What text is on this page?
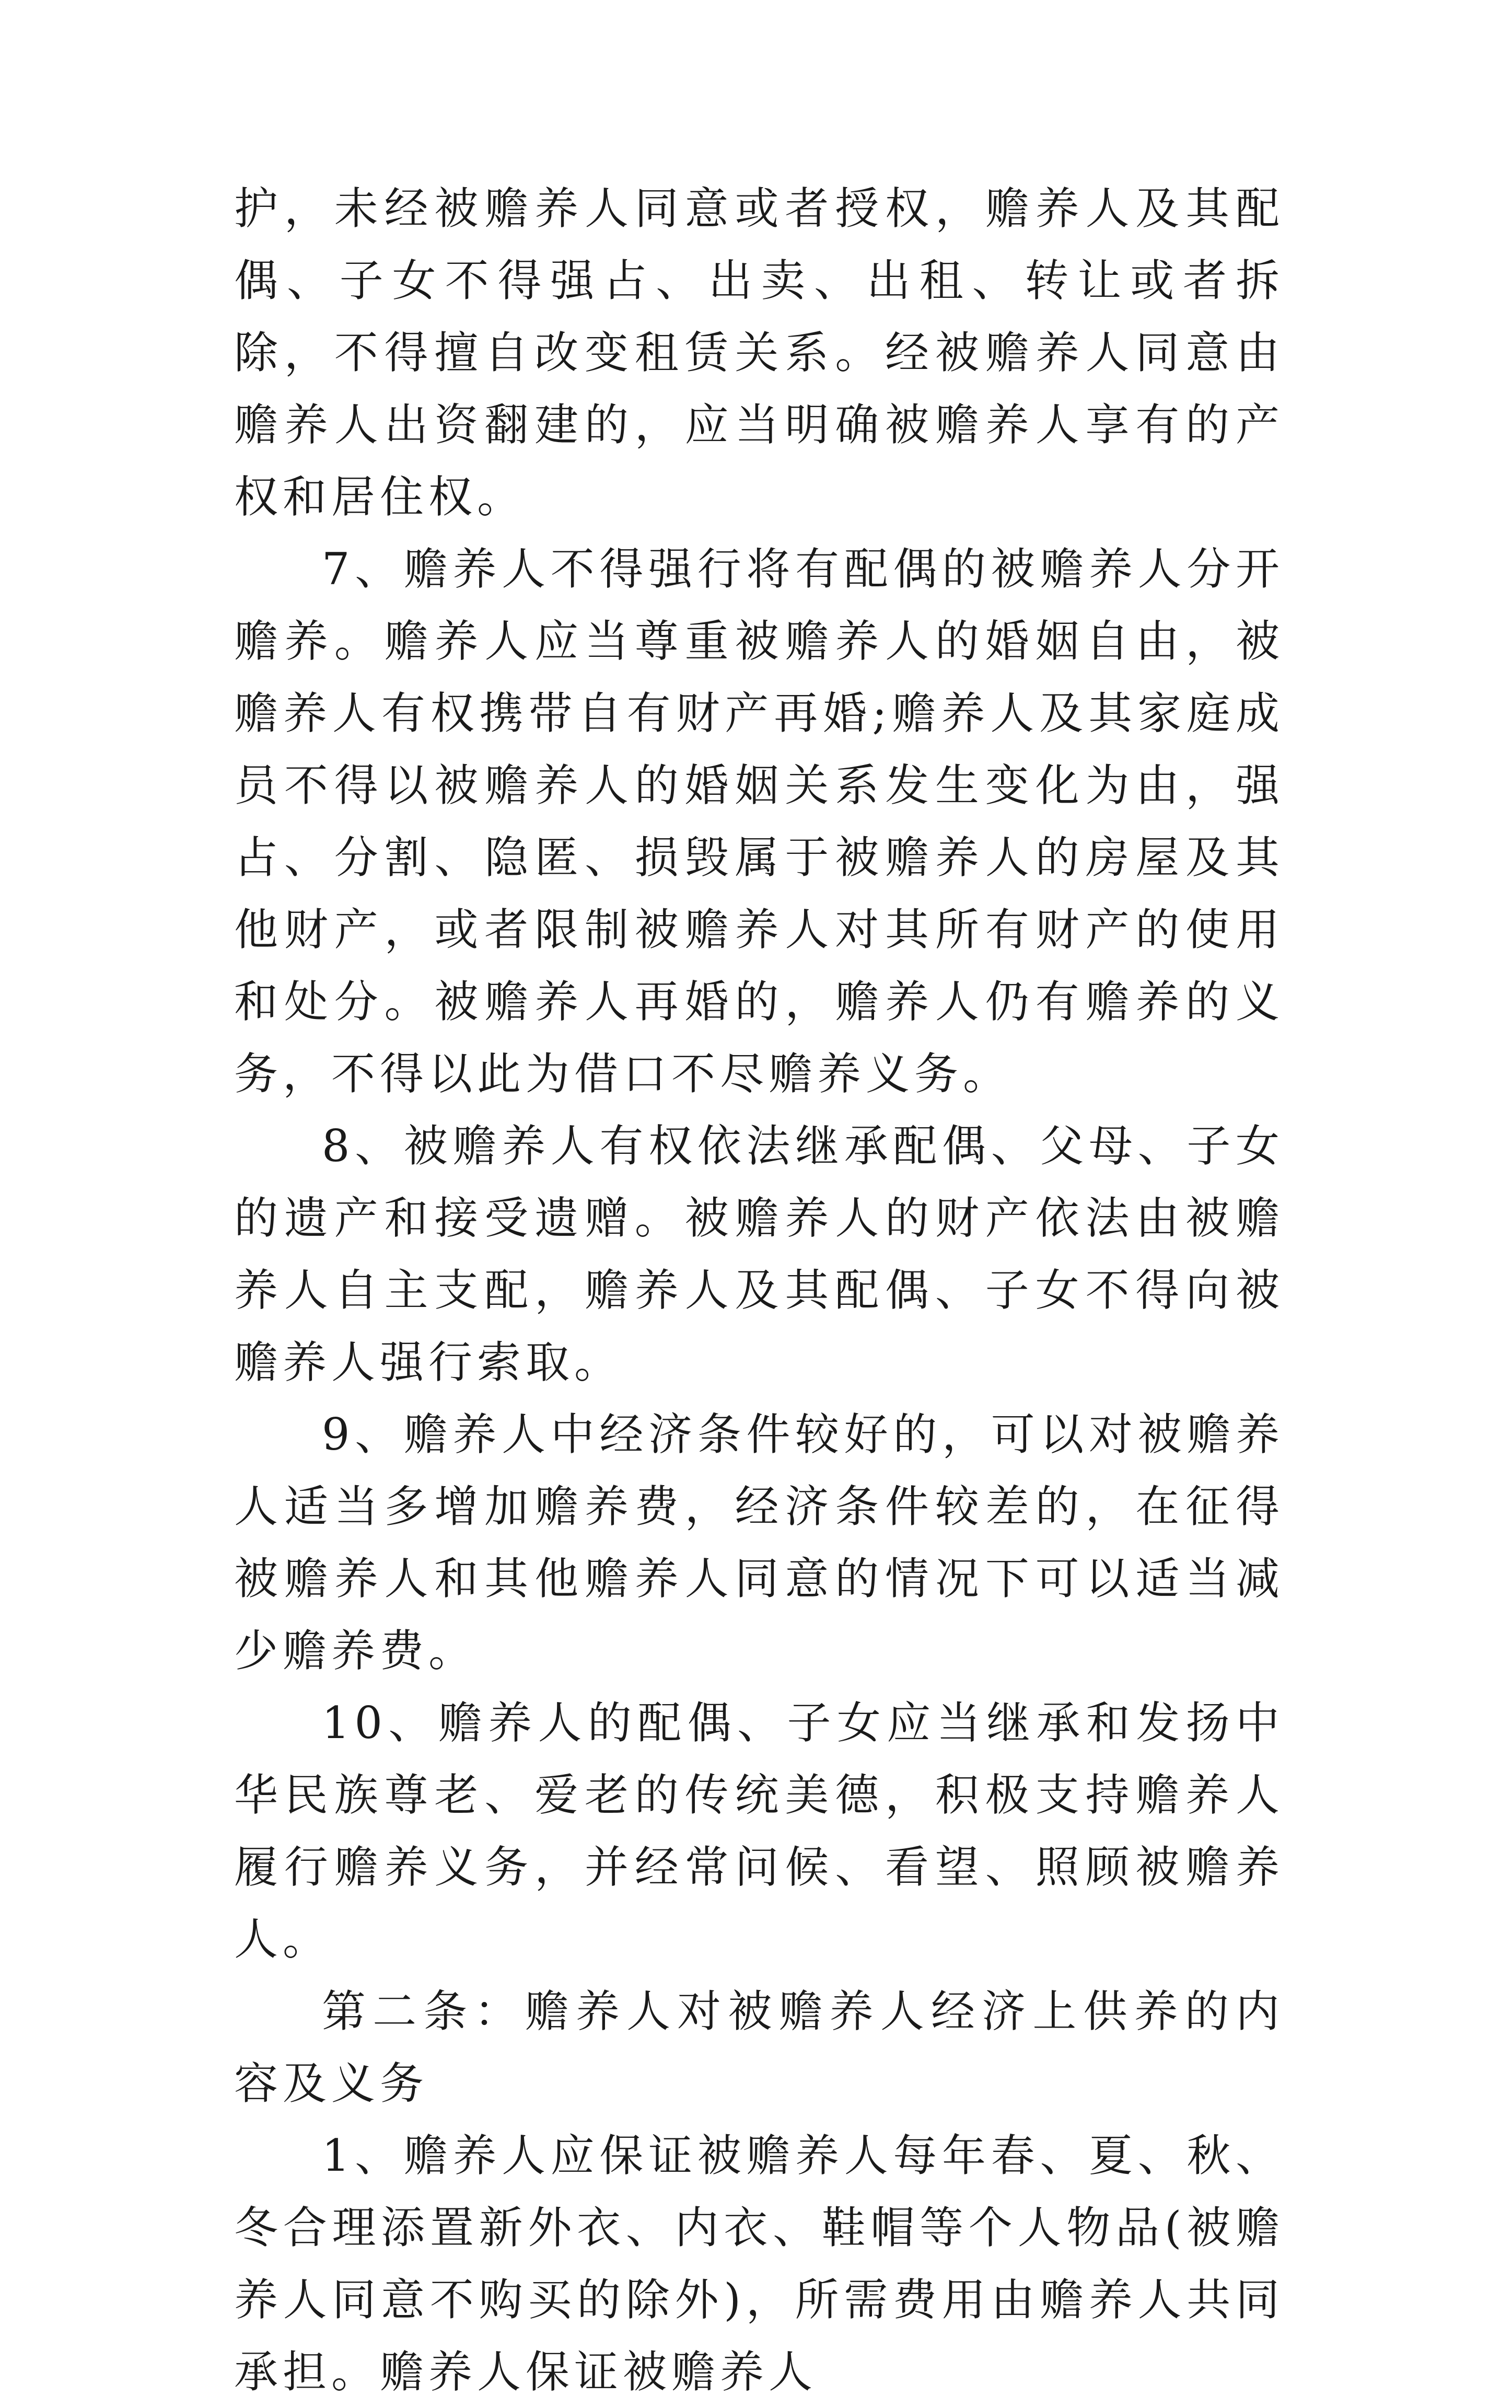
护，未经被赡养人同意或者授权，赡养人及其配偶、子女不得强占、出卖、出租、转让或者拆除，不得擅自改变租赁关系。经被赡养人同意由赡养人出资翻建的，应当明确被赡养人享有的产权和居住权。

7、赡养人不得强行将有配偶的被赡养人分开赡养。赡养人应当尊重被赡养人的婚姻自由，被赡养人有权携带自有财产再婚;赡养人及其家庭成员不得以被赡养人的婚姻关系发生变化为由，强占、分割、隐匿、损毁属于被赡养人的房屋及其他财产，或者限制被赡养人对其所有财产的使用和处分。被赡养人再婚的，赡养人仍有赡养的义务，不得以此为借口不尽赡养义务。

8、被赡养人有权依法继承配偶、父母、子女的遗产和接受遗赠。被赡养人的财产依法由被赡养人自主支配，赡养人及其配偶、子女不得向被赡养人强行索取。

9、赡养人中经济条件较好的，可以对被赡养人适当多增加赡养费，经济条件较差的，在征得被赡养人和其他赡养人同意的情况下可以适当减少赡养费。

10、赡养人的配偶、子女应当继承和发扬中华民族尊老、爱老的传统美德，积极支持赡养人履行赡养义务，并经常问候、看望、照顾被赡养人。

第二条：赡养人对被赡养人经济上供养的内容及义务

1、赡养人应保证被赡养人每年春、夏、秋、冬合理添置新外衣、内衣、鞋帽等个人物品(被赡养人同意不购买的除外)，所需费用由赡养人共同承担。赡养人保证被赡养人
